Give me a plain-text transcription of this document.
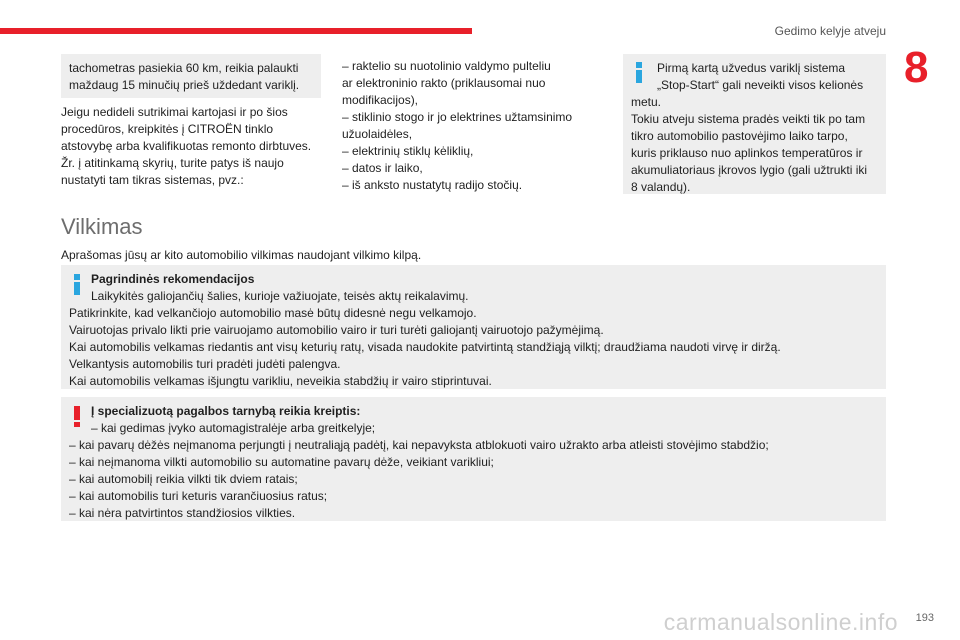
Gedimo kelyje atveju
8

tachometras pasiekia 60 km, reikia palaukti

maždaug 15 minučių prieš uždedant variklį.

Jeigu nedideli sutrikimai kartojasi ir po šios

procedūros, kreipkitės į CITROËN tinklo

atstovybę arba kvalifikuotas remonto dirbtuves.

Žr. į atitinkamą skyrių, turite patys iš naujo

nustatyti tam tikras sistemas, pvz.:

– raktelio su nuotolinio valdymo pulteliu

ar elektroninio rakto (priklausomai nuo

modifikacijos),

– stiklinio stogo ir jo elektrines užtamsinimo

užuolaidėles,

– elektrinių stiklų kėliklių,

– datos ir laiko,

– iš anksto nustatytų radijo stočių.

Pirmą kartą užvedus variklį sistema

„Stop-Start“ gali neveikti visos kelionės

metu.

Tokiu atveju sistema pradės veikti tik po tam

tikro automobilio pastovėjimo laiko tarpo,

kuris priklauso nuo aplinkos temperatūros ir

akumuliatoriaus įkrovos lygio (gali užtrukti iki

8 valandų).

Vilkimas
Aprašomas jūsų ar kito automobilio vilkimas naudojant vilkimo kilpą.

Pagrindinės rekomendacijos

Laikykitės galiojančių šalies, kurioje važiuojate, teisės aktų reikalavimų.

Patikrinkite, kad velkančiojo automobilio masė būtų didesnė negu velkamojo.

Vairuotojas privalo likti prie vairuojamo automobilio vairo ir turi turėti galiojantį vairuotojo pažymėjimą.

Kai automobilis velkamas riedantis ant visų keturių ratų, visada naudokite patvirtintą standžiąją vilktį; draudžiama naudoti virvę ir diržą.

Velkantysis automobilis turi pradėti judėti palengva.

Kai automobilis velkamas išjungtu varikliu, neveikia stabdžių ir vairo stiprintuvai.

Į specializuotą pagalbos tarnybą reikia kreiptis:

– kai gedimas įvyko automagistralėje arba greitkelyje;

– kai pavarų dėžės neįmanoma perjungti į neutraliąją padėtį, kai nepavyksta atblokuoti vairo užrakto arba atleisti stovėjimo stabdžio;

– kai neįmanoma vilkti automobilio su automatine pavarų dėže, veikiant varikliui;

– kai automobilį reikia vilkti tik dviem ratais;

– kai automobilis turi keturis varančiuosius ratus;

– kai nėra patvirtintos standžiosios vilkties.

carmanualsonline.info 193
